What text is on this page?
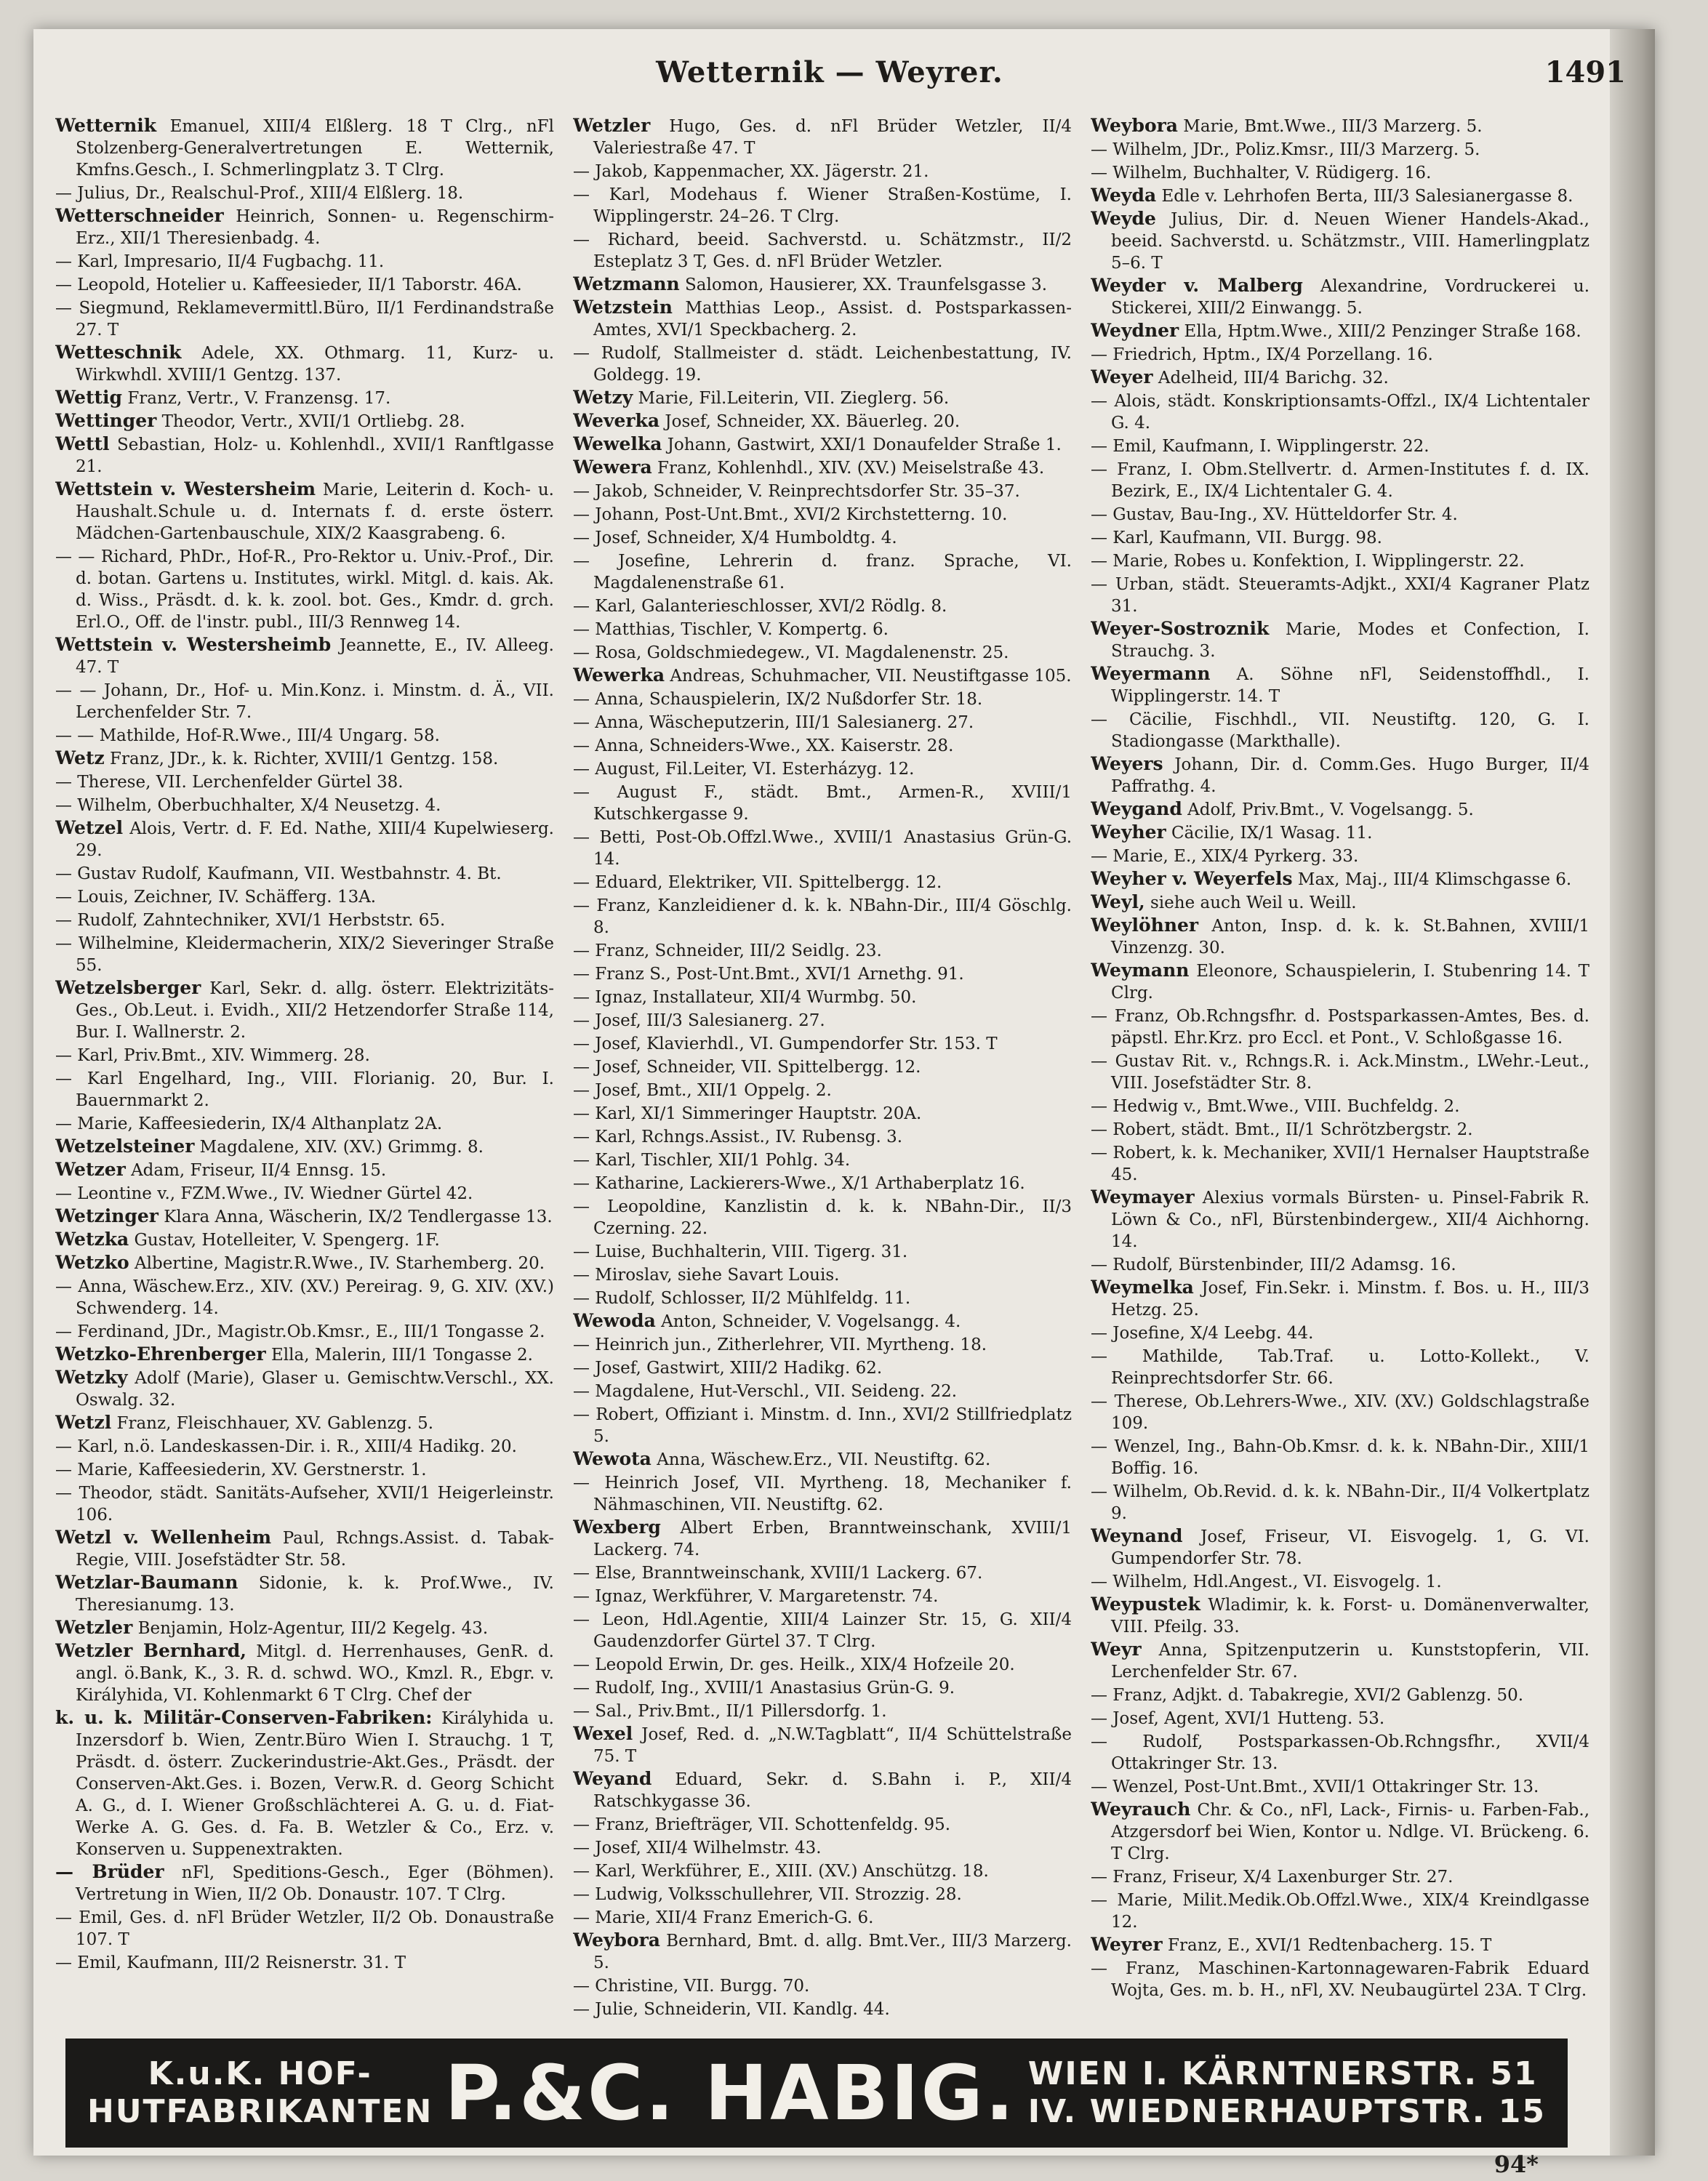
Wetternik — Weyrer.	1491

Wetternik Emanuel, XIII/4 Elßlerg. 18 T Clrg., nFl Stolzenberg-Generalvertretungen E. Wetternik, Kmfns.Gesch., I. Schmerlingplatz 3. T Clrg.

— Julius, Dr., Realschul-Prof., XIII/4 Elßlerg. 18.

Wetterschneider Heinrich, Sonnen- u. Regenschirm-Erz., XII/1 Theresienbadg. 4.

— Karl, Impresario, II/4 Fugbachg. 11.

— Leopold, Hotelier u. Kaffeesieder, II/1 Taborstr. 46A.

— Siegmund, Reklamevermittl.Büro, II/1 Ferdinandstraße 27. T

Wetteschnik Adele, XX. Othmarg. 11, Kurz- u. Wirkwhdl. XVIII/1 Gentzg. 137.

Wettig Franz, Vertr., V. Franzensg. 17.

Wettinger Theodor, Vertr., XVII/1 Ortliebg. 28.

Wettl Sebastian, Holz- u. Kohlenhdl., XVII/1 Ranftlgasse 21.

Wettstein v. Westersheim Marie, Leiterin d. Koch- u. Haushalt.Schule u. d. Internats f. d. erste österr. Mädchen-Gartenbauschule, XIX/2 Kaasgrabeng. 6.

— — Richard, PhDr., Hof-R., Pro-Rektor u. Univ.-Prof., Dir. d. botan. Gartens u. Institutes, wirkl. Mitgl. d. kais. Ak. d. Wiss., Präsdt. d. k. k. zool. bot. Ges., Kmdr. d. grch. Erl.O., Off. de l'instr. publ., III/3 Rennweg 14.

Wettstein v. Westersheimb Jeannette, E., IV. Alleeg. 47. T

— — Johann, Dr., Hof- u. Min.Konz. i. Minstm. d. Ä., VII. Lerchenfelder Str. 7.

— — Mathilde, Hof-R.Wwe., III/4 Ungarg. 58.

Wetz Franz, JDr., k. k. Richter, XVIII/1 Gentzg. 158.

— Therese, VII. Lerchenfelder Gürtel 38.

— Wilhelm, Oberbuchhalter, X/4 Neusetzg. 4.

Wetzel Alois, Vertr. d. F. Ed. Nathe, XIII/4 Kupelwieserg. 29.

— Gustav Rudolf, Kaufmann, VII. Westbahnstr. 4. Bt.

— Louis, Zeichner, IV. Schäfferg. 13A.

— Rudolf, Zahntechniker, XVI/1 Herbststr. 65.

— Wilhelmine, Kleidermacherin, XIX/2 Sieveringer Straße 55.

Wetzelsberger Karl, Sekr. d. allg. österr. Elektrizitäts-Ges., Ob.Leut. i. Evidh., XII/2 Hetzendorfer Straße 114, Bur. I. Wallnerstr. 2.

— Karl, Priv.Bmt., XIV. Wimmerg. 28.

— Karl Engelhard, Ing., VIII. Florianig. 20, Bur. I. Bauernmarkt 2.

— Marie, Kaffeesiederin, IX/4 Althanplatz 2A.

Wetzelsteiner Magdalene, XIV. (XV.) Grimmg. 8.

Wetzer Adam, Friseur, II/4 Ennsg. 15.

— Leontine v., FZM.Wwe., IV. Wiedner Gürtel 42.

Wetzinger Klara Anna, Wäscherin, IX/2 Tendlergasse 13.

Wetzka Gustav, Hotelleiter, V. Spengerg. 1F.

Wetzko Albertine, Magistr.R.Wwe., IV. Starhemberg. 20.

— Anna, Wäschew.Erz., XIV. (XV.) Pereirag. 9, G. XIV. (XV.) Schwenderg. 14.

— Ferdinand, JDr., Magistr.Ob.Kmsr., E., III/1 Tongasse 2.

Wetzko-Ehrenberger Ella, Malerin, III/1 Tongasse 2.

Wetzky Adolf (Marie), Glaser u. Gemischtw.Verschl., XX. Oswalg. 32.

Wetzl Franz, Fleischhauer, XV. Gablenzg. 5.

— Karl, n.ö. Landeskassen-Dir. i. R., XIII/4 Hadikg. 20.

— Marie, Kaffeesiederin, XV. Gerstnerstr. 1.

— Theodor, städt. Sanitäts-Aufseher, XVII/1 Heigerleinstr. 106.

Wetzl v. Wellenheim Paul, Rchngs.Assist. d. Tabak-Regie, VIII. Josefstädter Str. 58.

Wetzlar-Baumann Sidonie, k. k. Prof.Wwe., IV. Theresianumg. 13.

Wetzler Benjamin, Holz-Agentur, III/2 Kegelg. 43.

Wetzler Bernhard, Mitgl. d. Herrenhauses, GenR. d. angl. ö.Bank, K., 3. R. d. schwd. WO., Kmzl. R., Ebgr. v. Királyhida, VI. Kohlenmarkt 6 T Clrg. Chef der

k. u. k. Militär-Conserven-Fabriken: Királyhida u. Inzersdorf b. Wien, Zentr.Büro Wien I. Strauchg. 1 T, Präsdt. d. österr. Zuckerindustrie-Akt.Ges., Präsdt. der Conserven-Akt.Ges. i. Bozen, Verw.R. d. Georg Schicht A. G., d. I. Wiener Großschlächterei A. G. u. d. Fiat-Werke A. G. Ges. d. Fa. B. Wetzler & Co., Erz. v. Konserven u. Suppenextrakten.

— Brüder nFl, Speditions-Gesch., Eger (Böhmen). Vertretung in Wien, II/2 Ob. Donaustr. 107. T Clrg.

— Emil, Ges. d. nFl Brüder Wetzler, II/2 Ob. Donaustraße 107. T

— Emil, Kaufmann, III/2 Reisnerstr. 31. T

Wetzler Hugo, Ges. d. nFl Brüder Wetzler, II/4 Valeriestraße 47. T

— Jakob, Kappenmacher, XX. Jägerstr. 21.

— Karl, Modehaus f. Wiener Straßen-Kostüme, I. Wipplingerstr. 24–26. T Clrg.

— Richard, beeid. Sachverstd. u. Schätzmstr., II/2 Esteplatz 3 T, Ges. d. nFl Brüder Wetzler.

Wetzmann Salomon, Hausierer, XX. Traunfelsgasse 3.

Wetzstein Matthias Leop., Assist. d. Postsparkassen-Amtes, XVI/1 Speckbacherg. 2.

— Rudolf, Stallmeister d. städt. Leichenbestattung, IV. Goldegg. 19.

Wetzy Marie, Fil.Leiterin, VII. Zieglerg. 56.

Weverka Josef, Schneider, XX. Bäuerleg. 20.

Wewelka Johann, Gastwirt, XXI/1 Donaufelder Straße 1.

Wewera Franz, Kohlenhdl., XIV. (XV.) Meiselstraße 43.

— Jakob, Schneider, V. Reinprechtsdorfer Str. 35–37.

— Johann, Post-Unt.Bmt., XVI/2 Kirchstetterng. 10.

— Josef, Schneider, X/4 Humboldtg. 4.

— Josefine, Lehrerin d. franz. Sprache, VI. Magdalenenstraße 61.

— Karl, Galanterieschlosser, XVI/2 Rödlg. 8.

— Matthias, Tischler, V. Kompertg. 6.

— Rosa, Goldschmiedegew., VI. Magdalenenstr. 25.

Wewerka Andreas, Schuhmacher, VII. Neustiftgasse 105.

— Anna, Schauspielerin, IX/2 Nußdorfer Str. 18.

— Anna, Wäscheputzerin, III/1 Salesianerg. 27.

— Anna, Schneiders-Wwe., XX. Kaiserstr. 28.

— August, Fil.Leiter, VI. Esterházyg. 12.

— August F., städt. Bmt., Armen-R., XVIII/1 Kutschkergasse 9.

— Betti, Post-Ob.Offzl.Wwe., XVIII/1 Anastasius Grün-G. 14.

— Eduard, Elektriker, VII. Spittelbergg. 12.

— Franz, Kanzleidiener d. k. k. NBahn-Dir., III/4 Göschlg. 8.

— Franz, Schneider, III/2 Seidlg. 23.

— Franz S., Post-Unt.Bmt., XVI/1 Arnethg. 91.

— Ignaz, Installateur, XII/4 Wurmbg. 50.

— Josef, III/3 Salesianerg. 27.

— Josef, Klavierhdl., VI. Gumpendorfer Str. 153. T

— Josef, Schneider, VII. Spittelbergg. 12.

— Josef, Bmt., XII/1 Oppelg. 2.

— Karl, XI/1 Simmeringer Hauptstr. 20A.

— Karl, Rchngs.Assist., IV. Rubensg. 3.

— Karl, Tischler, XII/1 Pohlg. 34.

— Katharine, Lackierers-Wwe., X/1 Arthaberplatz 16.

— Leopoldine, Kanzlistin d. k. k. NBahn-Dir., II/3 Czerning. 22.

— Luise, Buchhalterin, VIII. Tigerg. 31.

— Miroslav, siehe Savart Louis.

— Rudolf, Schlosser, II/2 Mühlfeldg. 11.

Wewoda Anton, Schneider, V. Vogelsangg. 4.

— Heinrich jun., Zitherlehrer, VII. Myrtheng. 18.

— Josef, Gastwirt, XIII/2 Hadikg. 62.

— Magdalene, Hut-Verschl., VII. Seideng. 22.

— Robert, Offiziant i. Minstm. d. Inn., XVI/2 Stillfriedplatz 5.

Wewota Anna, Wäschew.Erz., VII. Neustiftg. 62.

— Heinrich Josef, VII. Myrtheng. 18, Mechaniker f. Nähmaschinen, VII. Neustiftg. 62.

Wexberg Albert Erben, Branntweinschank, XVIII/1 Lackerg. 74.

— Else, Branntweinschank, XVIII/1 Lackerg. 67.

— Ignaz, Werkführer, V. Margaretenstr. 74.

— Leon, Hdl.Agentie, XIII/4 Lainzer Str. 15, G. XII/4 Gaudenzdorfer Gürtel 37. T Clrg.

— Leopold Erwin, Dr. ges. Heilk., XIX/4 Hofzeile 20.

— Rudolf, Ing., XVIII/1 Anastasius Grün-G. 9.

— Sal., Priv.Bmt., II/1 Pillersdorfg. 1.

Wexel Josef, Red. d. „N.W.Tagblatt“, II/4 Schüttelstraße 75. T

Weyand Eduard, Sekr. d. S.Bahn i. P., XII/4 Ratschkygasse 36.

— Franz, Briefträger, VII. Schottenfeldg. 95.

— Josef, XII/4 Wilhelmstr. 43.

— Karl, Werkführer, E., XIII. (XV.) Anschützg. 18.

— Ludwig, Volksschullehrer, VII. Strozzig. 28.

— Marie, XII/4 Franz Emerich-G. 6.

Weybora Bernhard, Bmt. d. allg. Bmt.Ver., III/3 Marzerg. 5.

— Christine, VII. Burgg. 70.

— Julie, Schneiderin, VII. Kandlg. 44.

Weybora Marie, Bmt.Wwe., III/3 Marzerg. 5.

— Wilhelm, JDr., Poliz.Kmsr., III/3 Marzerg. 5.

— Wilhelm, Buchhalter, V. Rüdigerg. 16.

Weyda Edle v. Lehrhofen Berta, III/3 Salesianergasse 8.

Weyde Julius, Dir. d. Neuen Wiener Handels-Akad., beeid. Sachverstd. u. Schätzmstr., VIII. Hamerlingplatz 5–6. T

Weyder v. Malberg Alexandrine, Vordruckerei u. Stickerei, XIII/2 Einwangg. 5.

Weydner Ella, Hptm.Wwe., XIII/2 Penzinger Straße 168.

— Friedrich, Hptm., IX/4 Porzellang. 16.

Weyer Adelheid, III/4 Barichg. 32.

— Alois, städt. Konskriptionsamts-Offzl., IX/4 Lichtentaler G. 4.

— Emil, Kaufmann, I. Wipplingerstr. 22.

— Franz, I. Obm.Stellvertr. d. Armen-Institutes f. d. IX. Bezirk, E., IX/4 Lichtentaler G. 4.

— Gustav, Bau-Ing., XV. Hütteldorfer Str. 4.

— Karl, Kaufmann, VII. Burgg. 98.

— Marie, Robes u. Konfektion, I. Wipplingerstr. 22.

— Urban, städt. Steueramts-Adjkt., XXI/4 Kagraner Platz 31.

Weyer-Sostroznik Marie, Modes et Confection, I. Strauchg. 3.

Weyermann A. Söhne nFl, Seidenstoffhdl., I. Wipplingerstr. 14. T

— Cäcilie, Fischhdl., VII. Neustiftg. 120, G. I. Stadiongasse (Markthalle).

Weyers Johann, Dir. d. Comm.Ges. Hugo Burger, II/4 Paffrathg. 4.

Weygand Adolf, Priv.Bmt., V. Vogelsangg. 5.

Weyher Cäcilie, IX/1 Wasag. 11.

— Marie, E., XIX/4 Pyrkerg. 33.

Weyher v. Weyerfels Max, Maj., III/4 Klimschgasse 6.

Weyl, siehe auch Weil u. Weill.

Weylöhner Anton, Insp. d. k. k. St.Bahnen, XVIII/1 Vinzenzg. 30.

Weymann Eleonore, Schauspielerin, I. Stubenring 14. T Clrg.

— Franz, Ob.Rchngsfhr. d. Postsparkassen-Amtes, Bes. d. päpstl. Ehr.Krz. pro Eccl. et Pont., V. Schloßgasse 16.

— Gustav Rit. v., Rchngs.R. i. Ack.Minstm., LWehr.-Leut., VIII. Josefstädter Str. 8.

— Hedwig v., Bmt.Wwe., VIII. Buchfeldg. 2.

— Robert, städt. Bmt., II/1 Schrötzbergstr. 2.

— Robert, k. k. Mechaniker, XVII/1 Hernalser Hauptstraße 45.

Weymayer Alexius vormals Bürsten- u. Pinsel-Fabrik R. Löwn & Co., nFl, Bürstenbindergew., XII/4 Aichhorng. 14.

— Rudolf, Bürstenbinder, III/2 Adamsg. 16.

Weymelka Josef, Fin.Sekr. i. Minstm. f. Bos. u. H., III/3 Hetzg. 25.

— Josefine, X/4 Leebg. 44.

— Mathilde, Tab.Traf. u. Lotto-Kollekt., V. Reinprechtsdorfer Str. 66.

— Therese, Ob.Lehrers-Wwe., XIV. (XV.) Goldschlagstraße 109.

— Wenzel, Ing., Bahn-Ob.Kmsr. d. k. k. NBahn-Dir., XIII/1 Boffig. 16.

— Wilhelm, Ob.Revid. d. k. k. NBahn-Dir., II/4 Volkertplatz 9.

Weynand Josef, Friseur, VI. Eisvogelg. 1, G. VI. Gumpendorfer Str. 78.

— Wilhelm, Hdl.Angest., VI. Eisvogelg. 1.

Weypustek Wladimir, k. k. Forst- u. Domänenverwalter, VIII. Pfeilg. 33.

Weyr Anna, Spitzenputzerin u. Kunststopferin, VII. Lerchenfelder Str. 67.

— Franz, Adjkt. d. Tabakregie, XVI/2 Gablenzg. 50.

— Josef, Agent, XVI/1 Hutteng. 53.

— Rudolf, Postsparkassen-Ob.Rchngsfhr., XVII/4 Ottakringer Str. 13.

— Wenzel, Post-Unt.Bmt., XVII/1 Ottakringer Str. 13.

Weyrauch Chr. & Co., nFl, Lack-, Firnis- u. Farben-Fab., Atzgersdorf bei Wien, Kontor u. Ndlge. VI. Brückeng. 6. T Clrg.

— Franz, Friseur, X/4 Laxenburger Str. 27.

— Marie, Milit.Medik.Ob.Offzl.Wwe., XIX/4 Kreindlgasse 12.

Weyrer Franz, E., XVI/1 Redtenbacherg. 15. T

— Franz, Maschinen-Kartonnagewaren-Fabrik Eduard Wojta, Ges. m. b. H., nFl, XV. Neubaugürtel 23A. T Clrg.

K.u.K. HOF-
HUTFABRIKANTEN P.&C. HABIG. WIEN I. KÄRNTNERSTR. 51
IV. WIEDNERHAUPTSTR. 15
94*
